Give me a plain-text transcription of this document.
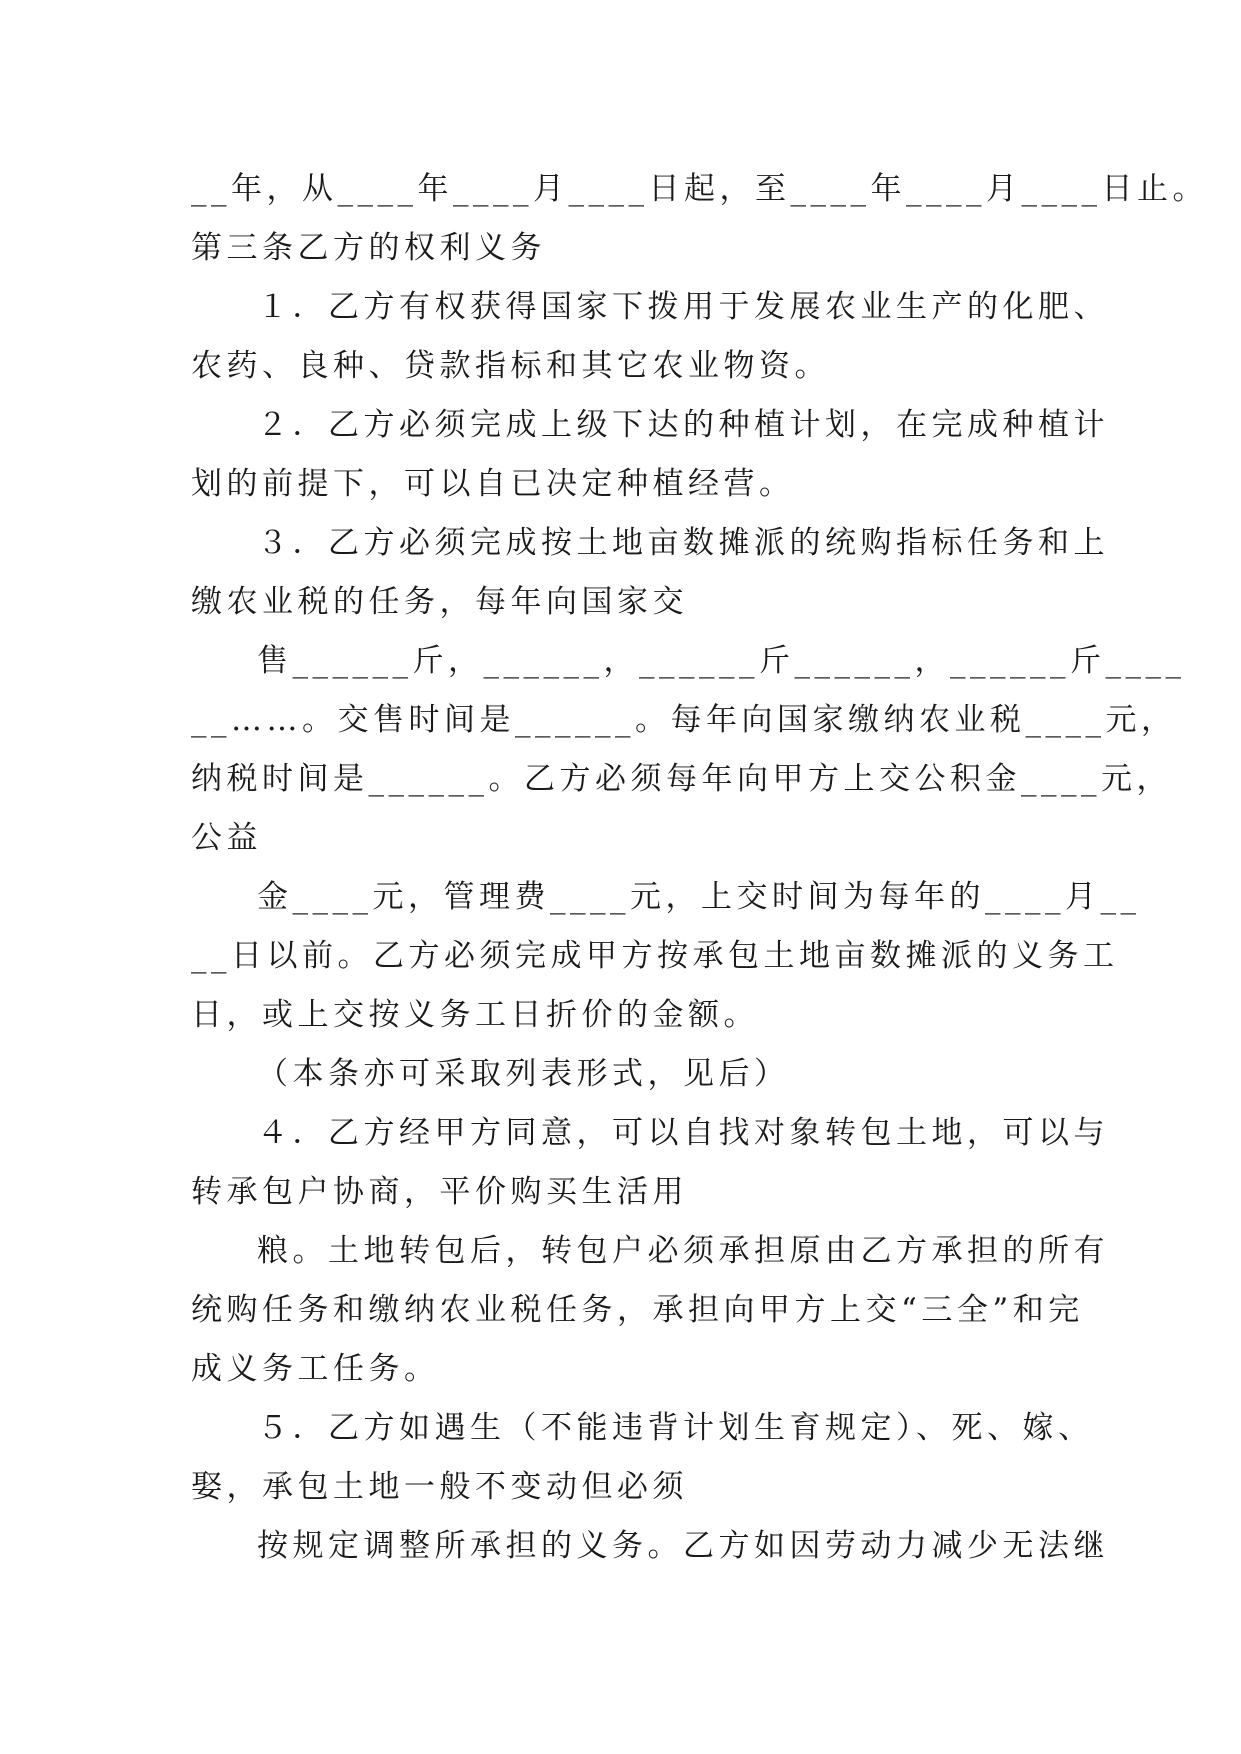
__年，从____年____月____日起，至____年____月____日止。
第三条乙方的权利义务
１．乙方有权获得国家下拨用于发展农业生产的化肥、
农药、良种、贷款指标和其它农业物资。
２．乙方必须完成上级下达的种植计划，在完成种植计
划的前提下，可以自已决定种植经营。
３．乙方必须完成按土地亩数摊派的统购指标任务和上
缴农业税的任务，每年向国家交
售______斤，______，______斤______，______斤____
__……。交售时间是______。每年向国家缴纳农业税____元，
纳税时间是______。乙方必须每年向甲方上交公积金____元，
公益
金____元，管理费____元，上交时间为每年的____月__
__日以前。乙方必须完成甲方按承包土地亩数摊派的义务工
日，或上交按义务工日折价的金额。
（本条亦可采取列表形式，见后）
４．乙方经甲方同意，可以自找对象转包土地，可以与
转承包户协商，平价购买生活用
粮。土地转包后，转包户必须承担原由乙方承担的所有
统购任务和缴纳农业税任务，承担向甲方上交“三全”和完
成义务工任务。
５．乙方如遇生（不能违背计划生育规定）、死、嫁、
娶，承包土地一般不变动但必须
按规定调整所承担的义务。乙方如因劳动力减少无法继
